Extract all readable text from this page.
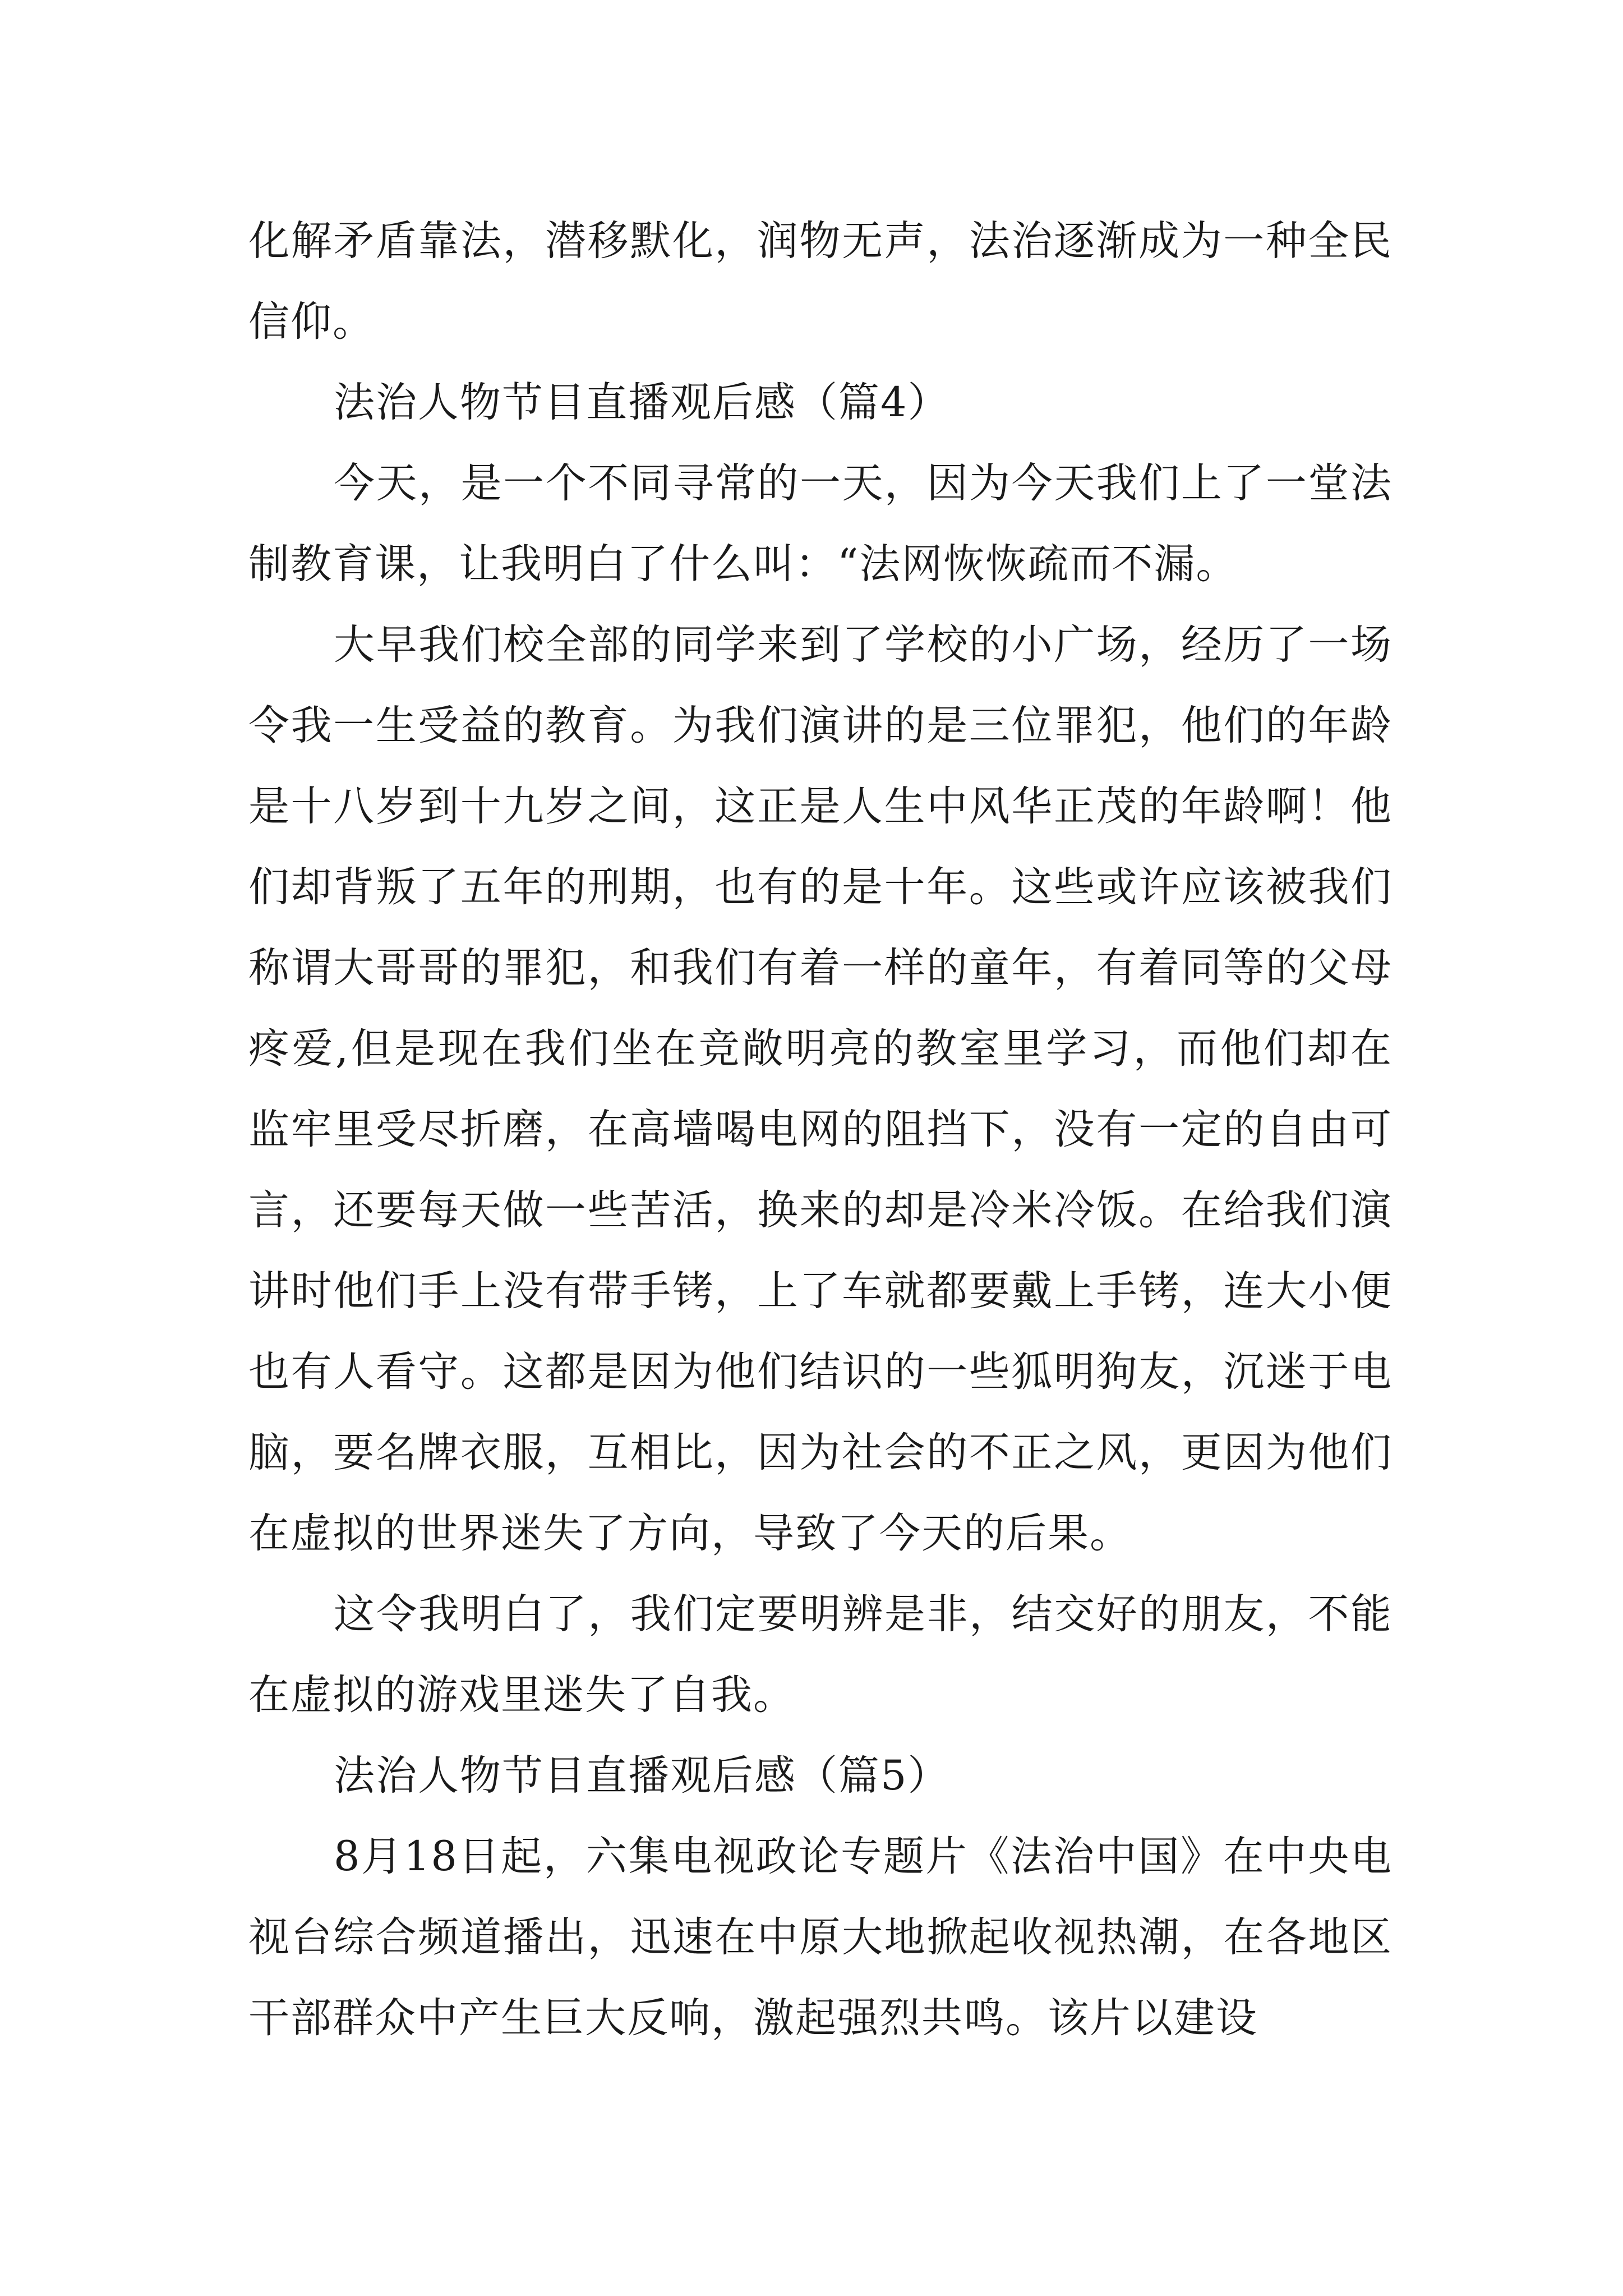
化解矛盾靠法，潜移默化，润物无声，法治逐渐成为一种全民信仰。

法治人物节目直播观后感（篇4）

今天，是一个不同寻常的一天，因为今天我们上了一堂法制教育课，让我明白了什么叫：“法网恢恢疏而不漏。

大早我们校全部的同学来到了学校的小广场，经历了一场令我一生受益的教育。为我们演讲的是三位罪犯，他们的年龄是十八岁到十九岁之间，这正是人生中风华正茂的年龄啊！他们却背叛了五年的刑期，也有的是十年。这些或许应该被我们称谓大哥哥的罪犯，和我们有着一样的童年，有着同等的父母疼爱,但是现在我们坐在竞敞明亮的教室里学习，而他们却在监牢里受尽折磨，在高墙喝电网的阻挡下，没有一定的自由可言，还要每天做一些苦活，换来的却是冷米冷饭。在给我们演讲时他们手上没有带手铐，上了车就都要戴上手铐，连大小便也有人看守。这都是因为他们结识的一些狐明狗友，沉迷于电脑，要名牌衣服，互相比，因为社会的不正之风，更因为他们在虚拟的世界迷失了方向，导致了今天的后果。

这令我明白了，我们定要明辨是非，结交好的朋友，不能在虚拟的游戏里迷失了自我。

法治人物节目直播观后感（篇5）

8月18日起，六集电视政论专题片《法治中国》在中央电视台综合频道播出，迅速在中原大地掀起收视热潮，在各地区干部群众中产生巨大反响，激起强烈共鸣。该片以建设
